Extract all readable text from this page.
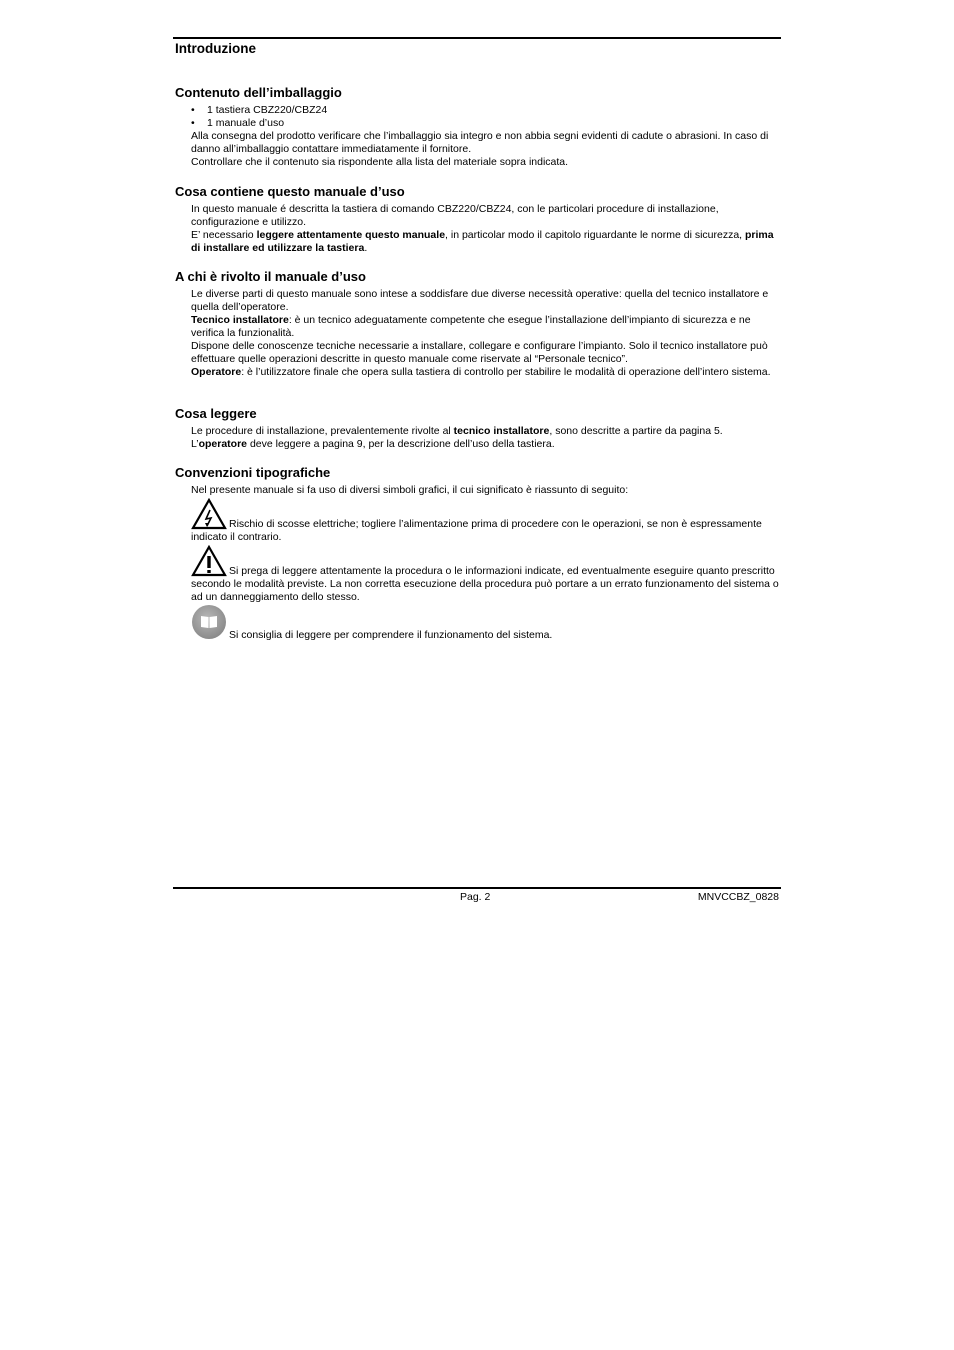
Introduzione
Contenuto dell’imballaggio
•	1 tastiera CBZ220/CBZ24
•	1 manuale d’uso

Alla consegna del prodotto verificare che l’imballaggio sia integro e non abbia segni evidenti di cadute o abrasioni. In caso di danno all’imballaggio contattare immediatamente il fornitore.

Controllare che il contenuto sia rispondente alla lista del materiale sopra indicata.

Cosa contiene questo manuale d’uso

In questo manuale é descritta la tastiera di comando CBZ220/CBZ24, con le particolari procedure di installazione, configurazione e utilizzo.

E’ necessario leggere attentamente questo manuale, in particolar modo il capitolo riguardante le norme di sicurezza, prima di installare ed utilizzare la tastiera.

A chi è rivolto il manuale d’uso

Le diverse parti di questo manuale sono intese a soddisfare due diverse necessità operative: quella del tecnico installatore e quella dell’operatore.

Tecnico installatore: è un tecnico adeguatamente competente che esegue l’installazione dell’impianto di sicurezza e ne verifica la funzionalità.

Dispone delle conoscenze tecniche necessarie a installare, collegare e configurare l’impianto. Solo il tecnico installatore può effettuare quelle operazioni descritte in questo manuale come riservate al “Personale tecnico”.

Operatore: è l’utilizzatore finale che opera sulla tastiera di controllo per stabilire le modalità di operazione dell’intero sistema.

Cosa leggere

Le procedure di installazione, prevalentemente rivolte al tecnico installatore, sono descritte a partire da pagina 5.

L’operatore deve leggere a pagina 9, per la descrizione dell’uso della tastiera.

Convenzioni tipografiche
Nel presente manuale si fa uso di diversi simboli grafici, il cui significato è riassunto di seguito:
Rischio di scosse elettriche; togliere l’alimentazione prima di procedere con le operazioni, se non è espressamente indicato il contrario.
Si prega di leggere attentamente la procedura o le informazioni indicate, ed eventualmente eseguire quanto prescritto secondo le modalità previste. La non corretta esecuzione della procedura può portare a un errato funzionamento del sistema o ad un danneggiamento dello stesso.
Si consiglia di leggere per comprendere il funzionamento del sistema.
Pag. 2	MNVCCBZ_0828
